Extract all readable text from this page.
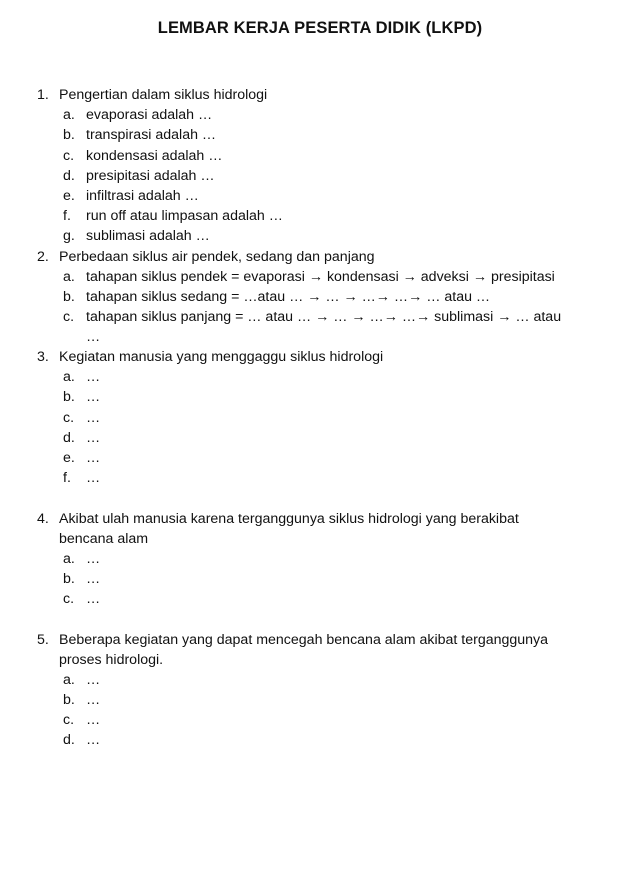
LEMBAR KERJA PESERTA DIDIK (LKPD)
1. Pengertian dalam siklus hidrologi
a. evaporasi adalah …
b. transpirasi adalah …
c. kondensasi adalah …
d. presipitasi adalah …
e. infiltrasi adalah …
f. run off atau limpasan adalah …
g. sublimasi adalah …
2. Perbedaan siklus air pendek, sedang dan panjang
a. tahapan siklus pendek = evaporasi → kondensasi → adveksi → presipitasi
b. tahapan siklus sedang = …atau … → … → …→ …→ … atau …
c. tahapan siklus panjang = … atau … → … → …→ …→ sublimasi → … atau
…
3. Kegiatan manusia yang menggaggu siklus hidrologi
a. …
b. …
c. …
d. …
e. …
f. …
4. Akibat ulah manusia karena terganggunya siklus hidrologi yang berakibat
bencana alam
a. …
b. …
c. …
5. Beberapa kegiatan yang dapat mencegah bencana alam akibat terganggunya
proses hidrologi.
a. …
b. …
c. …
d. …
